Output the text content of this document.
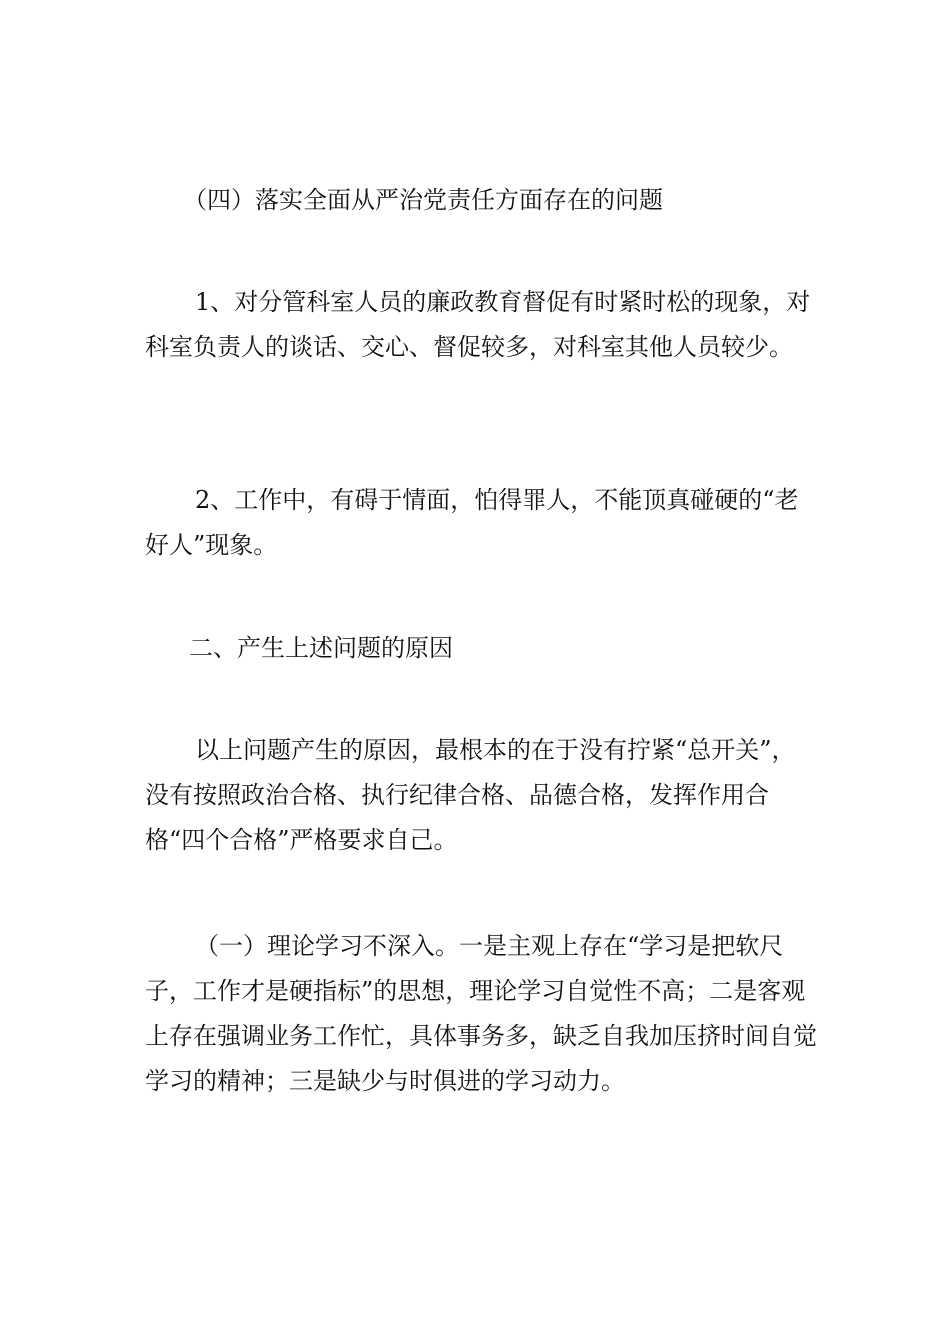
（四）落实全面从严治党责任方面存在的问题

1、对分管科室人员的廉政教育督促有时紧时松的现象，对科室负责人的谈话、交心、督促较多，对科室其他人员较少。

2、工作中，有碍于情面，怕得罪人，不能顶真碰硬的“老好人”现象。

二、产生上述问题的原因

以上问题产生的原因，最根本的在于没有拧紧“总开关”，没有按照政治合格、执行纪律合格、品德合格，发挥作用合格“四个合格”严格要求自己。

（一）理论学习不深入。一是主观上存在“学习是把软尺子，工作才是硬指标”的思想，理论学习自觉性不高；二是客观上存在强调业务工作忙，具体事务多，缺乏自我加压挤时间自觉学习的精神；三是缺少与时俱进的学习动力。
